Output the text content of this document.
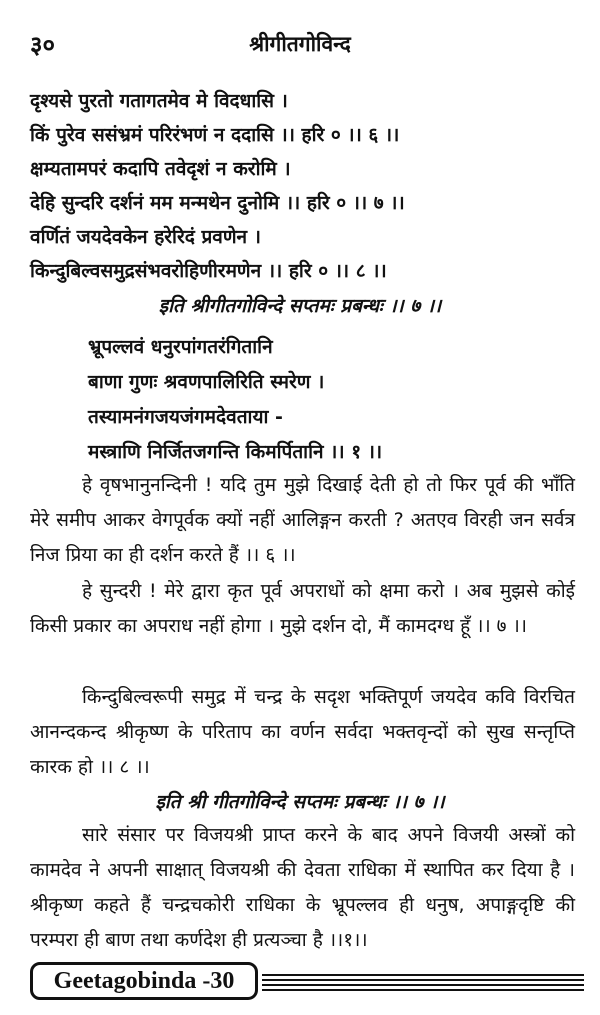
३०	श्रीगीतगोविन्द
दृश्यसे पुरतो गतागतमेव मे विदधासि ।
किं पुरेव ससंभ्रमं परिरंभणं न ददासि ।। हरि ० ।। ६ ।।
क्षम्यतामपरं कदापि तवेदृशं न करोमि ।
देहि सुन्दरि दर्शनं मम मन्मथेन दुनोमि ।। हरि ० ।। ७ ।।
वर्णितं जयदेवकेन हरेरिदं प्रवणेन ।
किन्दुबिल्वसमुद्रसंभवरोहिणीरमणेन ।। हरि ० ।। ८ ।।
इति श्रीगीतगोविन्दे सप्तमः प्रबन्धः ।। ७ ।।
भ्रूपल्लवं धनुरपांगतरंगितानि
बाणा गुणः श्रवणपालिरिति स्मरेण ।
तस्यामनंगजयजंगमदेवताया -
मस्त्राणि निर्जितजगन्ति किमर्पितानि ।। १ ।।
हे वृषभानुनन्दिनी ! यदि तुम मुझे दिखाई देती हो तो फिर पूर्व की भाँति मेरे समीप आकर वेगपूर्वक क्यों नहीं आलिङ्गन करती ? अतएव विरही जन सर्वत्र निज प्रिया का ही दर्शन करते हैं ।। ६ ।।
हे सुन्दरी ! मेरे द्वारा कृत पूर्व अपराधों को क्षमा करो । अब मुझसे कोई किसी प्रकार का अपराध नहीं होगा । मुझे दर्शन दो, मैं कामदग्ध हूँ ।। ७ ।।
किन्दुबिल्वरूपी समुद्र में चन्द्र के सदृश भक्तिपूर्ण जयदेव कवि विरचित आनन्दकन्द श्रीकृष्ण के परिताप का वर्णन सर्वदा भक्तवृन्दों को सुख सन्तृप्ति कारक हो ।। ८ ।।
इति श्री गीतगोविन्दे सप्तमः प्रबन्धः ।। ७ ।।
सारे संसार पर विजयश्री प्राप्त करने के बाद अपने विजयी अस्त्रों को कामदेव ने अपनी साक्षात् विजयश्री की देवता राधिका में स्थापित कर दिया है । श्रीकृष्ण कहते हैं चन्द्रचकोरी राधिका के भ्रूपल्लव ही धनुष, अपाङ्गदृष्टि की परम्परा ही बाण तथा कर्णदेश ही प्रत्यञ्चा है ।।१।।
Geetagobinda -30
